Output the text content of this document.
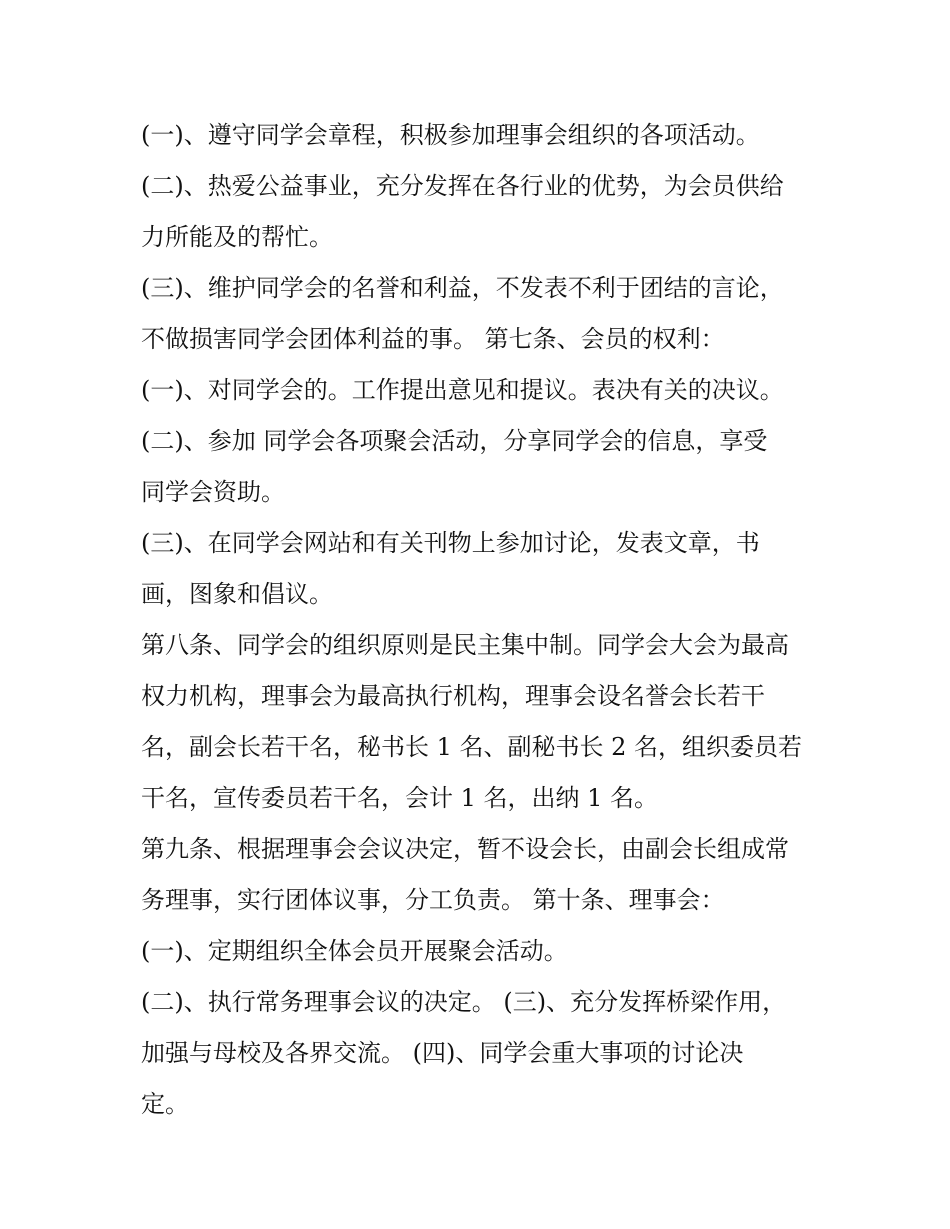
(一)、遵守同学会章程，积极参加理事会组织的各项活动。
(二)、热爱公益事业，充分发挥在各行业的优势，为会员供给
力所能及的帮忙。
(三)、维护同学会的名誉和利益，不发表不利于团结的言论，
不做损害同学会团体利益的事。 第七条、会员的权利：
(一)、对同学会的。工作提出意见和提议。表决有关的决议。
(二)、参加 同学会各项聚会活动，分享同学会的信息，享受
同学会资助。
(三)、在同学会网站和有关刊物上参加讨论，发表文章，书
画，图象和倡议。
第八条、同学会的组织原则是民主集中制。同学会大会为最高
权力机构，理事会为最高执行机构，理事会设名誉会长若干
名，副会长若干名，秘书长 1 名、副秘书长 2 名，组织委员若
干名，宣传委员若干名，会计 1 名，出纳 1 名。
第九条、根据理事会会议决定，暂不设会长，由副会长组成常
务理事，实行团体议事，分工负责。 第十条、理事会：
(一)、定期组织全体会员开展聚会活动。
(二)、执行常务理事会议的决定。 (三)、充分发挥桥梁作用，
加强与母校及各界交流。 (四)、同学会重大事项的讨论决
定。
